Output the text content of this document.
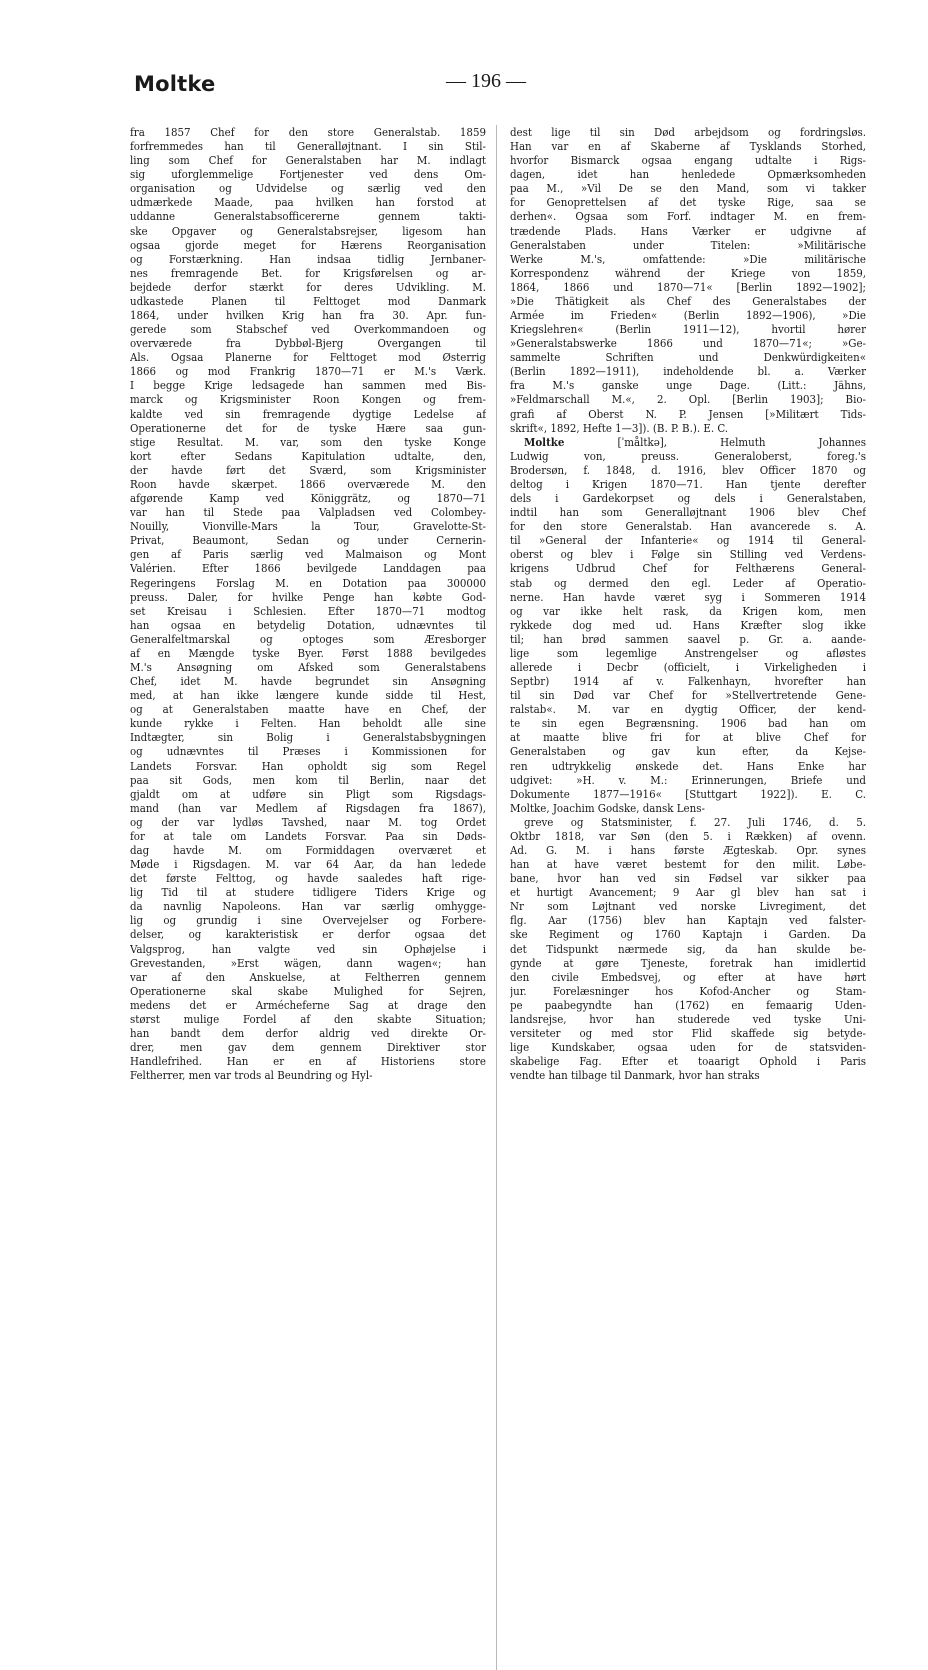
Moltke	— 196 —
fra 1857 Chef for den store Generalstab. 1859
forfremmedes han til Generalløjtnant. I sin Stil-
ling som Chef for Generalstaben har M. indlagt
sig uforglemmelige Fortjenester ved dens Om-
organisation og Udvidelse og særlig ved den
udmærkede Maade, paa hvilken han forstod at
uddanne Generalstabsofficererne gennem takti-
ske Opgaver og Generalstabsrejser, ligesom han
ogsaa gjorde meget for Hærens Reorganisation
og Forstærkning. Han indsaa tidlig Jernbaner-
nes fremragende Bet. for Krigsførelsen og ar-
bejdede derfor stærkt for deres Udvikling. M.
udkastede Planen til Felttoget mod Danmark
1864, under hvilken Krig han fra 30. Apr. fun-
gerede som Stabschef ved Overkommandoen og
overværede fra Dybbøl-Bjerg Overgangen til
Als. Ogsaa Planerne for Felttoget mod Østerrig
1866 og mod Frankrig 1870—71 er M.'s Værk.
I begge Krige ledsagede han sammen med Bis-
marck og Krigsminister Roon Kongen og frem-
kaldte ved sin fremragende dygtige Ledelse af
Operationerne det for de tyske Hære saa gun-
stige Resultat. M. var, som den tyske Konge
kort efter Sedans Kapitulation udtalte, den,
der havde ført det Sværd, som Krigsminister
Roon havde skærpet. 1866 overværede M. den
afgørende Kamp ved Königgrätz, og 1870—71
var han til Stede paa Valpladsen ved Colombey-
Nouilly, Vionville-Mars la Tour, Gravelotte-St-
Privat, Beaumont, Sedan og under Cernerin-
gen af Paris særlig ved Malmaison og Mont
Valérien. Efter 1866 bevilgede Landdagen paa
Regeringens Forslag M. en Dotation paa 300000
preuss. Daler, for hvilke Penge han købte God-
set Kreisau i Schlesien. Efter 1870—71 modtog
han ogsaa en betydelig Dotation, udnævntes til
Generalfeltmarskal og optoges som Æresborger
af en Mængde tyske Byer. Først 1888 bevilgedes
M.'s Ansøgning om Afsked som Generalstabens
Chef, idet M. havde begrundet sin Ansøgning
med, at han ikke længere kunde sidde til Hest,
og at Generalstaben maatte have en Chef, der
kunde rykke i Felten. Han beholdt alle sine
Indtægter, sin Bolig i Generalstabsbygningen
og udnævntes til Præses i Kommissionen for
Landets Forsvar. Han opholdt sig som Regel
paa sit Gods, men kom til Berlin, naar det
gjaldt om at udføre sin Pligt som Rigsdags-
mand (han var Medlem af Rigsdagen fra 1867),
og der var lydløs Tavshed, naar M. tog Ordet
for at tale om Landets Forsvar. Paa sin Døds-
dag havde M. om Formiddagen overværet et
Møde i Rigsdagen. M. var 64 Aar, da han ledede
det første Felttog, og havde saaledes haft rige-
lig Tid til at studere tidligere Tiders Krige og
da navnlig Napoleons. Han var særlig omhygge-
lig og grundig i sine Overvejelser og Forbere-
delser, og karakteristisk er derfor ogsaa det
Valgsprog, han valgte ved sin Ophøjelse i
Grevestanden, »Erst wägen, dann wagen«; han
var af den Anskuelse, at Feltherren gennem
Operationerne skal skabe Mulighed for Sejren,
medens det er Armécheferne Sag at drage den
størst mulige Fordel af den skabte Situation;
han bandt dem derfor aldrig ved direkte Or-
drer, men gav dem gennem Direktiver stor
Handlefrihed. Han er en af Historiens store
Feltherrer, men var trods al Beundring og Hyl-
dest lige til sin Død arbejdsom og fordringsløs.
Han var en af Skaberne af Tysklands Storhed,
hvorfor Bismarck ogsaa engang udtalte i Rigs-
dagen, idet han henledede Opmærksomheden
paa M., »Vil De se den Mand, som vi takker
for Genoprettelsen af det tyske Rige, saa se
derhen«. Ogsaa som Forf. indtager M. en frem-
trædende Plads. Hans Værker er udgivne af
Generalstaben under Titelen: »Militärische
Werke M.'s, omfattende: »Die militärische
Korrespondenz während der Kriege von 1859,
1864, 1866 und 1870—71« [Berlin 1892—1902];
»Die Thätigkeit als Chef des Generalstabes der
Armée im Frieden« (Berlin 1892—1906), »Die
Kriegslehren« (Berlin 1911—12), hvortil hører
»Generalstabswerke 1866 und 1870—71«; »Ge-
sammelte Schriften und Denkwürdigkeiten«
(Berlin 1892—1911), indeholdende bl. a. Værker
fra M.'s ganske unge Dage. (Litt.: Jähns,
»Feldmarschall M.«, 2. Opl. [Berlin 1903]; Bio-
grafi af Oberst N. P. Jensen [»Militært Tids-
skrift«, 1892, Hefte 1—3]). (B. P. B.). E. C.
Moltke [ˈmåltkə], Helmuth Johannes
Ludwig von, preuss. Generaloberst, foreg.'s
Brodersøn, f. 1848, d. 1916, blev Officer 1870 og
deltog i Krigen 1870—71. Han tjente derefter
dels i Gardekorpset og dels i Generalstaben,
indtil han som Generalløjtnant 1906 blev Chef
for den store Generalstab. Han avancerede s. A.
til »General der Infanterie« og 1914 til General-
oberst og blev i Følge sin Stilling ved Verdens-
krigens Udbrud Chef for Felthærens General-
stab og dermed den egl. Leder af Operatio-
nerne. Han havde været syg i Sommeren 1914
og var ikke helt rask, da Krigen kom, men
rykkede dog med ud. Hans Kræfter slog ikke
til; han brød sammen saavel p. Gr. a. aande-
lige som legemlige Anstrengelser og afløstes
allerede i Decbr (officielt, i Virkeligheden i
Septbr) 1914 af v. Falkenhayn, hvorefter han
til sin Død var Chef for »Stellvertretende Gene-
ralstab«. M. var en dygtig Officer, der kend-
te sin egen Begrænsning. 1906 bad han om
at maatte blive fri for at blive Chef for
Generalstaben og gav kun efter, da Kejse-
ren udtrykkelig ønskede det. Hans Enke har
udgivet: »H. v. M.: Erinnerungen, Briefe und
Dokumente 1877—1916« [Stuttgart 1922]). E. C.
Moltke, Joachim Godske, dansk Lens-
greve og Statsminister, f. 27. Juli 1746, d. 5.
Oktbr 1818, var Søn (den 5. i Rækken) af ovenn.
Ad. G. M. i hans første Ægteskab. Opr. synes
han at have været bestemt for den milit. Løbe-
bane, hvor han ved sin Fødsel var sikker paa
et hurtigt Avancement; 9 Aar gl blev han sat i
Nr som Løjtnant ved norske Livregiment, det
flg. Aar (1756) blev han Kaptajn ved falster-
ske Regiment og 1760 Kaptajn i Garden. Da
det Tidspunkt nærmede sig, da han skulde be-
gynde at gøre Tjeneste, foretrak han imidlertid
den civile Embedsvej, og efter at have hørt
jur. Forelæsninger hos Kofod-Ancher og Stam-
pe paabegyndte han (1762) en femaarig Uden-
landsrejse, hvor han studerede ved tyske Uni-
versiteter og med stor Flid skaffede sig betyde-
lige Kundskaber, ogsaa uden for de statsviden-
skabelige Fag. Efter et toaarigt Ophold i Paris
vendte han tilbage til Danmark, hvor han straks
